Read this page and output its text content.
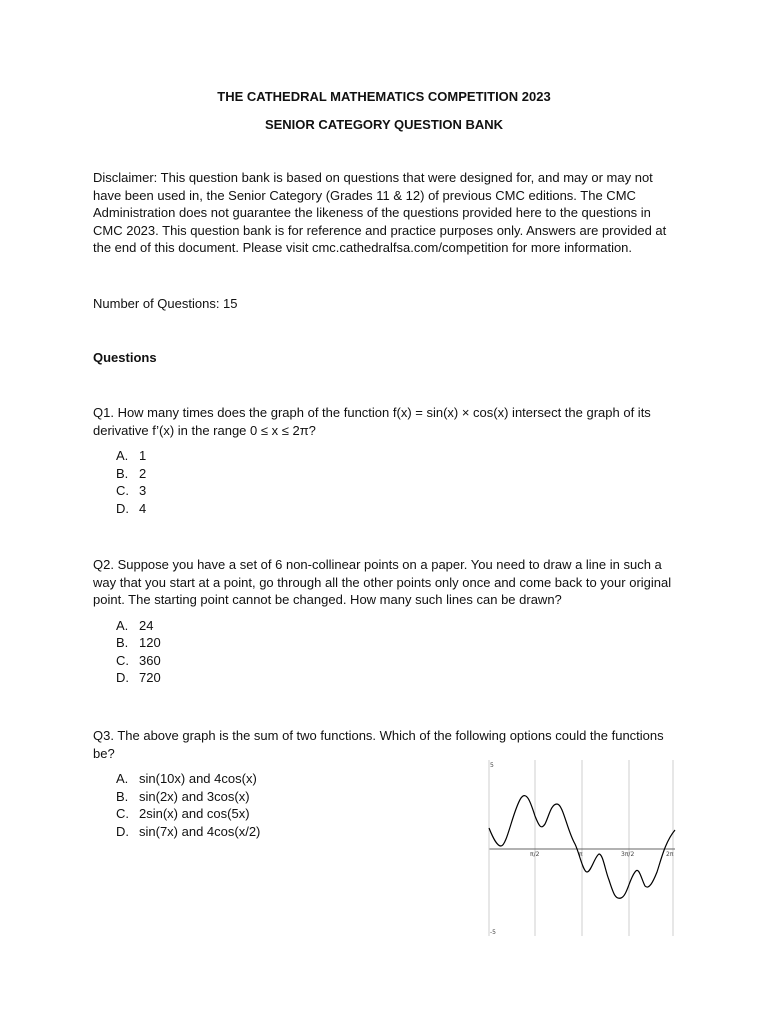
THE CATHEDRAL MATHEMATICS COMPETITION 2023
SENIOR CATEGORY QUESTION BANK
Disclaimer: This question bank is based on questions that were designed for, and may or may not have been used in, the Senior Category (Grades 11 & 12) of previous CMC editions. The CMC Administration does not guarantee the likeness of the questions provided here to the questions in CMC 2023. This question bank is for reference and practice purposes only. Answers are provided at the end of this document. Please visit cmc.cathedralfsa.com/competition for more information.
Number of Questions: 15
Questions
Q1. How many times does the graph of the function f(x) = sin(x) × cos(x) intersect the graph of its derivative f’(x) in the range 0 ≤ x ≤ 2π?
A. 1
B. 2
C. 3
D. 4
Q2. Suppose you have a set of 6 non-collinear points on a paper. You need to draw a line in such a way that you start at a point, go through all the other points only once and come back to your original point. The starting point cannot be changed. How many such lines can be drawn?
A. 24
B. 120
C. 360
D. 720
Q3. The above graph is the sum of two functions. Which of the following options could the functions be?
A. sin(10x) and 4cos(x)
B. sin(2x) and 3cos(x)
C. 2sin(x) and cos(5x)
D. sin(7x) and 4cos(x/2)
5
-5
π/2	π	3π/2	2π
